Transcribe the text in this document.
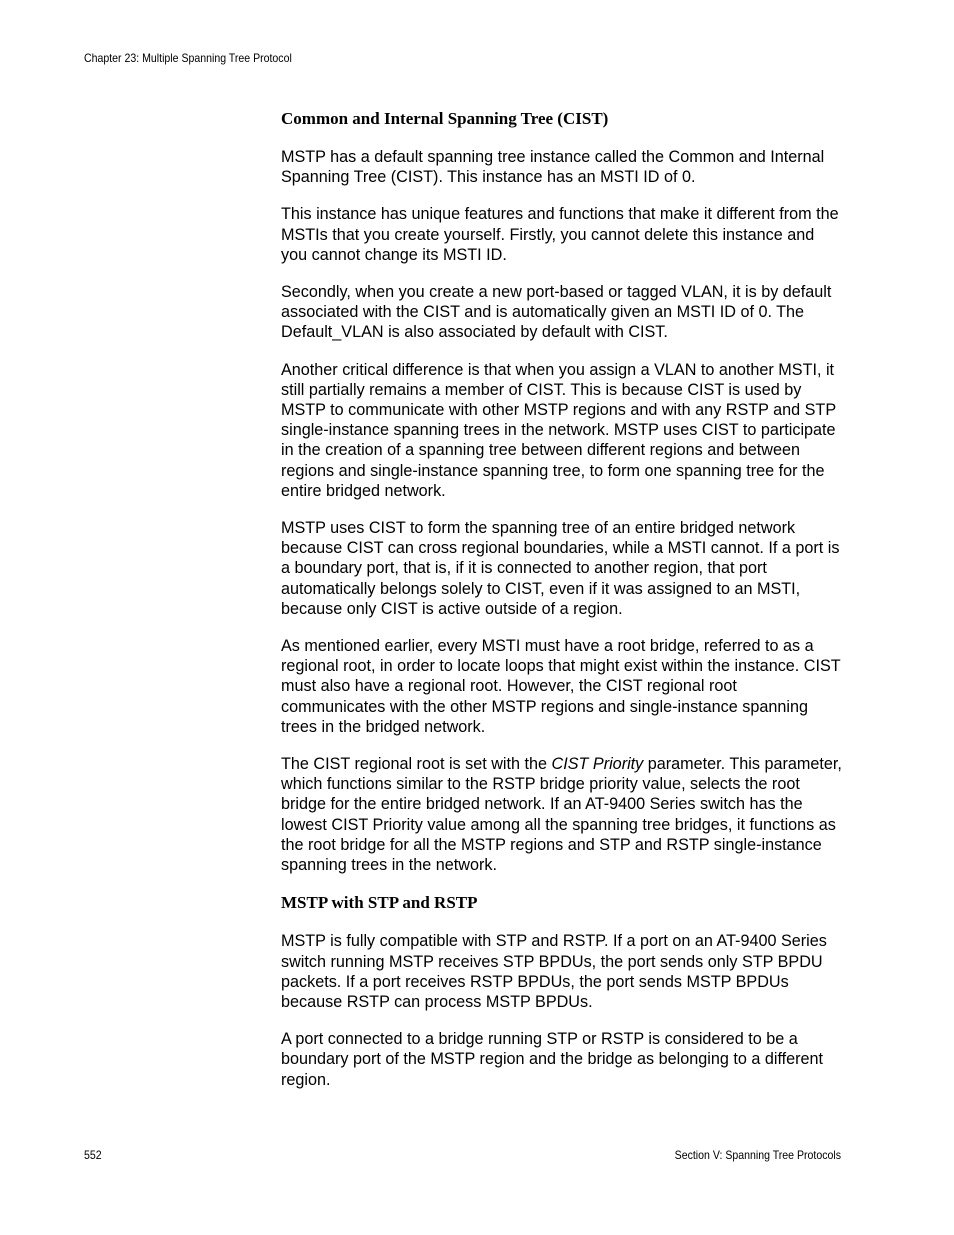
Chapter 23: Multiple Spanning Tree Protocol
Common and Internal Spanning Tree (CIST)

MSTP has a default spanning tree instance called the Common and Internal Spanning Tree (CIST). This instance has an MSTI ID of 0.

This instance has unique features and functions that make it different from the MSTIs that you create yourself. Firstly, you cannot delete this instance and you cannot change its MSTI ID.

Secondly, when you create a new port-based or tagged VLAN, it is by default associated with the CIST and is automatically given an MSTI ID of 0. The Default_VLAN is also associated by default with CIST.

Another critical difference is that when you assign a VLAN to another MSTI, it still partially remains a member of CIST. This is because CIST is used by MSTP to communicate with other MSTP regions and with any RSTP and STP single-instance spanning trees in the network. MSTP uses CIST to participate in the creation of a spanning tree between different regions and between regions and single-instance spanning tree, to form one spanning tree for the entire bridged network.

MSTP uses CIST to form the spanning tree of an entire bridged network because CIST can cross regional boundaries, while a MSTI cannot. If a port is a boundary port, that is, if it is connected to another region, that port automatically belongs solely to CIST, even if it was assigned to an MSTI, because only CIST is active outside of a region.

As mentioned earlier, every MSTI must have a root bridge, referred to as a regional root, in order to locate loops that might exist within the instance. CIST must also have a regional root. However, the CIST regional root communicates with the other MSTP regions and single-instance spanning trees in the bridged network.

The CIST regional root is set with the CIST Priority parameter. This parameter, which functions similar to the RSTP bridge priority value, selects the root bridge for the entire bridged network. If an AT-9400 Series switch has the lowest CIST Priority value among all the spanning tree bridges, it functions as the root bridge for all the MSTP regions and STP and RSTP single-instance spanning trees in the network.

MSTP with STP and RSTP

MSTP is fully compatible with STP and RSTP. If a port on an AT-9400 Series switch running MSTP receives STP BPDUs, the port sends only STP BPDU packets. If a port receives RSTP BPDUs, the port sends MSTP BPDUs because RSTP can process MSTP BPDUs.

A port connected to a bridge running STP or RSTP is considered to be a boundary port of the MSTP region and the bridge as belonging to a different region.

552	Section V: Spanning Tree Protocols
